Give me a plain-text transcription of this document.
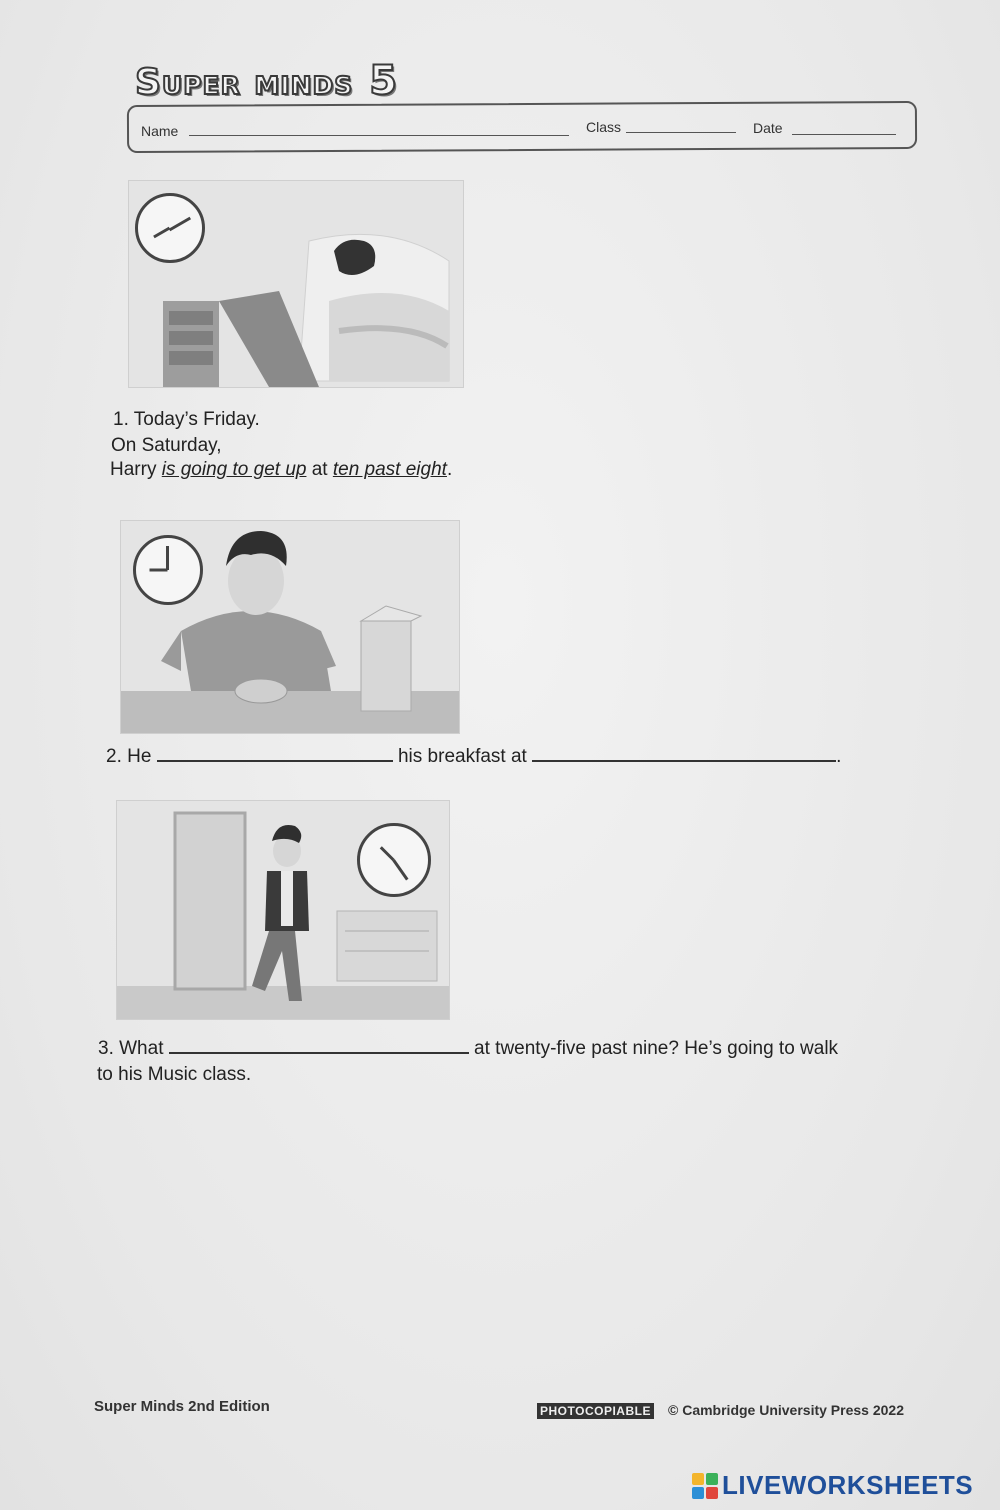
Super minds 5
Name	Class	Date
1. Today’s Friday.
On Saturday,
Harry is going to get up at ten past eight.
2. He	his breakfast at	.
3. What	at twenty-five past nine? He’s going to walk
to his Music class.
Super Minds 2nd Edition	PHOTOCOPIABLE © Cambridge University Press 2022
LIVEWORKSHEETS
